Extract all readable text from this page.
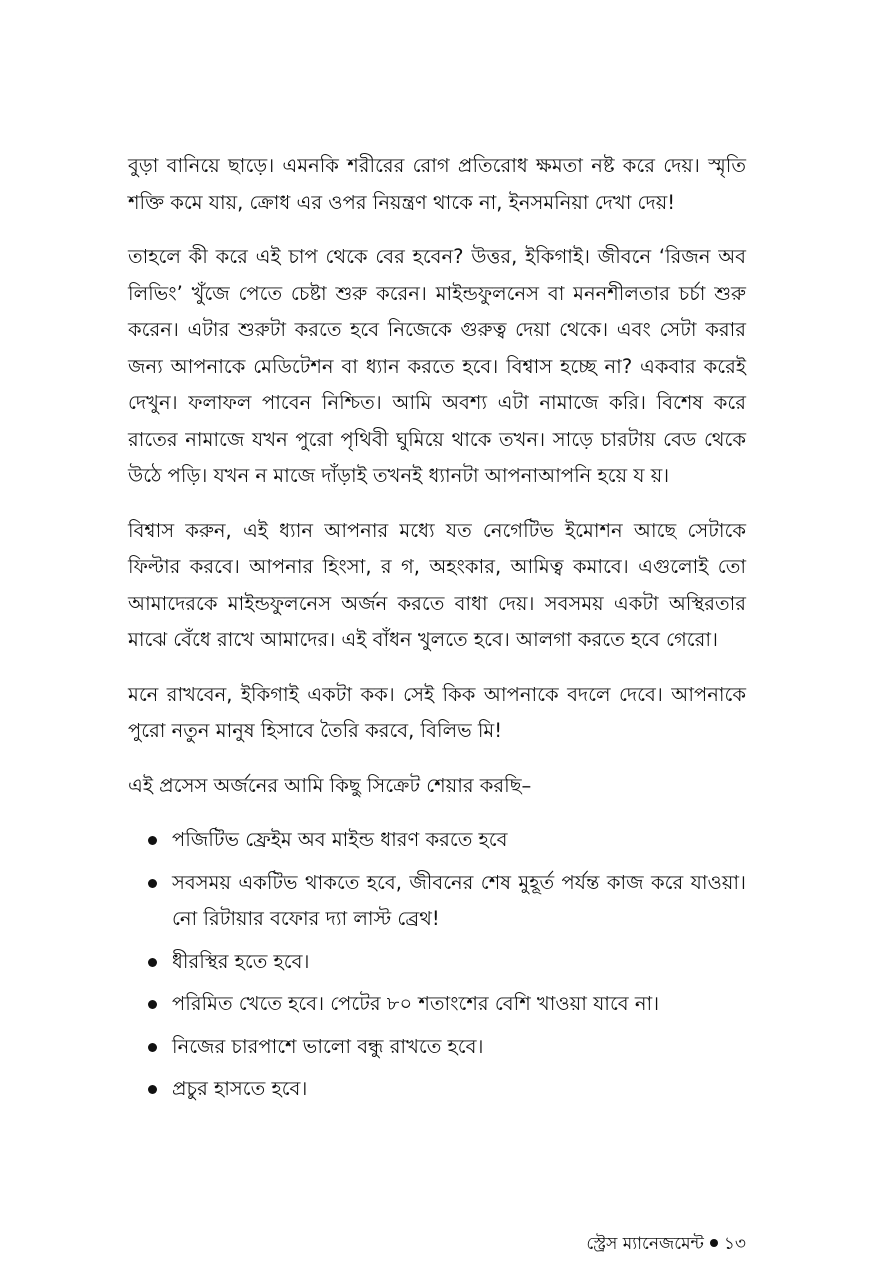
বুড়া বানিয়ে ছাড়ে। এমনকি শরীরের রোগ প্রতিরোধ ক্ষমতা নষ্ট করে দেয়। স্মৃতি শক্তি কমে যায়, ক্রোধ এর ওপর নিয়ন্ত্রণ থাকে না, ইনসমনিয়া দেখা দেয়!

তাহলে কী করে এই চাপ থেকে বের হবেন? উত্তর, ইকিগাই। জীবনে ‘রিজন অব লিভিং’ খুঁজে পেতে চেষ্টা শুরু করেন। মাইন্ডফুলনেস বা মননশীলতার চর্চা শুরু করেন। এটার শুরুটা করতে হবে নিজেকে গুরুত্ব দেয়া থেকে। এবং সেটা করার জন্য আপনাকে মেডিটেশন বা ধ্যান করতে হবে। বিশ্বাস হচ্ছে না? একবার করেই দেখুন। ফলাফল পাবেন নিশ্চিত। আমি অবশ্য এটা নামাজে করি। বিশেষ করে রাতের নামাজে যখন পুরো পৃথিবী ঘুমিয়ে থাকে তখন। সাড়ে চারটায় বেড থেকে উঠে পড়ি। যখন ন মাজে দাঁড়াই তখনই ধ্যানটা আপনাআপনি হয়ে য য়।

বিশ্বাস করুন, এই ধ্যান আপনার মধ্যে যত নেগেটিভ ইমোশন আছে সেটাকে ফিল্টার করবে। আপনার হিংসা, র গ, অহংকার, আমিত্ব কমাবে। এগুলোই তো আমাদেরকে মাইন্ডফুলনেস অর্জন করতে বাধা দেয়। সবসময় একটা অস্থিরতার মাঝে বেঁধে রাখে আমাদের। এই বাঁধন খুলতে হবে। আলগা করতে হবে গেরো।

মনে রাখবেন, ইকিগাই একটা কক। সেই কিক আপনাকে বদলে দেবে। আপনাকে পুরো নতুন মানুষ হিসাবে তৈরি করবে, বিলিভ মি!

এই প্রসেস অর্জনের আমি কিছু সিক্রেট শেয়ার করছি–

পজিটিভ ফ্রেইম অব মাইন্ড ধারণ করতে হবে
সবসময় একটিভ থাকতে হবে, জীবনের শেষ মুহূর্ত পর্যন্ত কাজ করে যাওয়া। নো রিটায়ার বফোর দ্যা লাস্ট ব্রেথ!
ধীরস্থির হতে হবে।
পরিমিত খেতে হবে। পেটের ৮০ শতাংশের বেশি খাওয়া যাবে না।
নিজের চারপাশে ভালো বন্ধু রাখতে হবে।
প্রচুর হাসতে হবে।
স্ট্রেস ম্যানেজমেন্ট ১৩
